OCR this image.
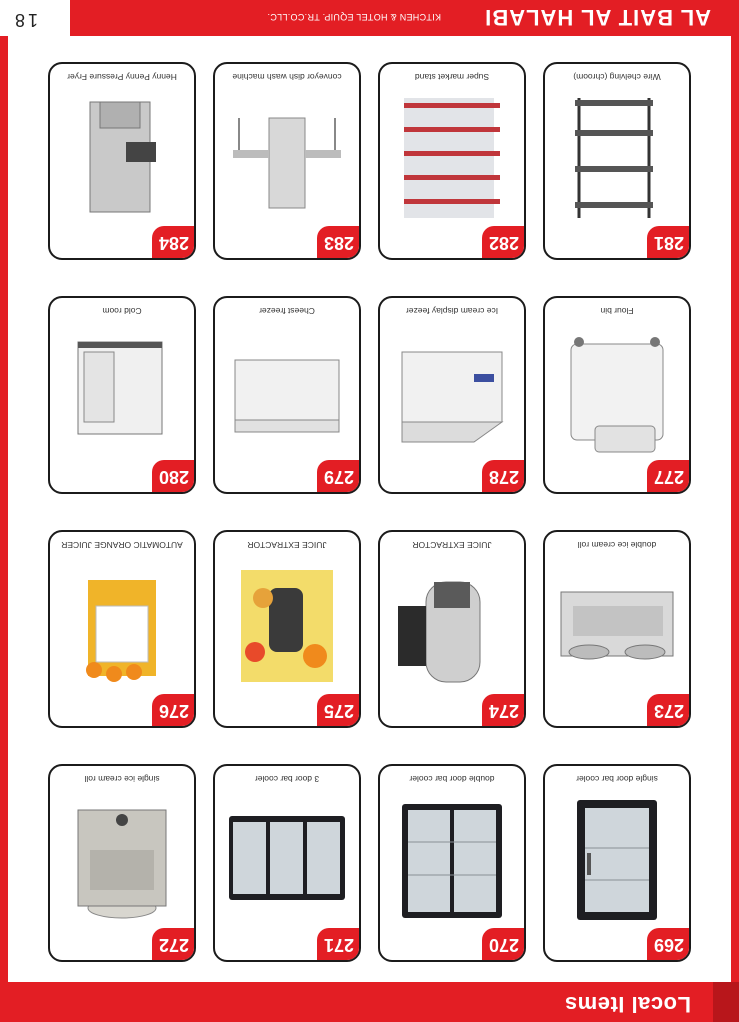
Local Items
269
single door bar cooler
270
double door bar cooler
271
3 door bar cooler
272
single ice cream roll
273
double ice cream roll
274
JUICE EXTRACTOR
275
JUICE EXTRACTOR
276
AUTOMATIC ORANGE JUICER
277
Flour bin
278
Ice cream display feezer
279
Cheest freezer
280
Cold room
281
Wire chelving (chroom)
282
Super market stand
283
conveyor dish wash machine
284
Henny Penny Pressure Fryer
AL BAIT AL HALABI
KITCHEN & HOTEL EQUIP. TR.CO.LLC.
18
